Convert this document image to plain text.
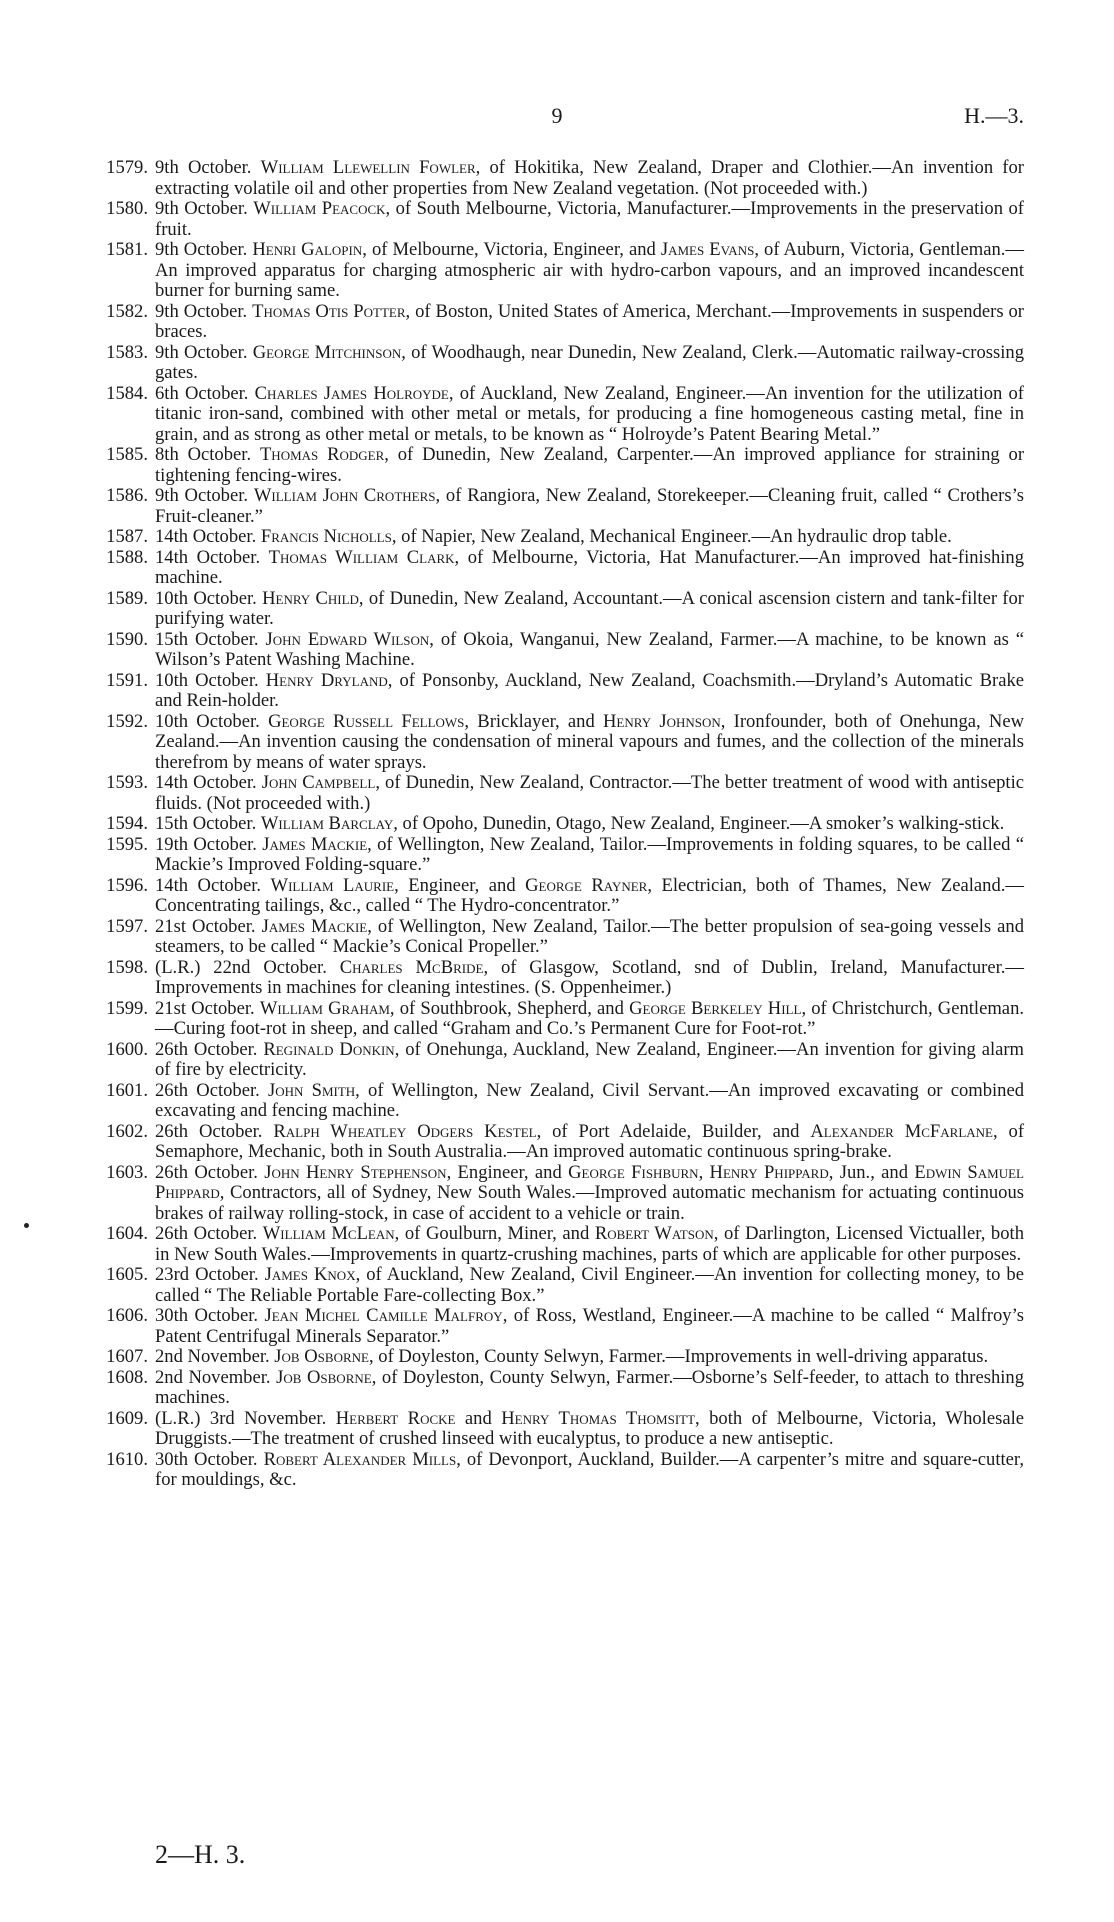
9	H.—3.
1579. 9th October. William Llewellin Fowler, of Hokitika, New Zealand, Draper and Clothier.—An invention for extracting volatile oil and other properties from New Zealand vegetation. (Not proceeded with.)
1580. 9th October. William Peacock, of South Melbourne, Victoria, Manufacturer.—Improvements in the preservation of fruit.
1581. 9th October. Henri Galopin, of Melbourne, Victoria, Engineer, and James Evans, of Auburn, Victoria, Gentleman.—An improved apparatus for charging atmospheric air with hydro-carbon vapours, and an improved incandescent burner for burning same.
1582. 9th October. Thomas Otis Potter, of Boston, United States of America, Merchant.—Improvements in suspenders or braces.
1583. 9th October. George Mitchinson, of Woodhaugh, near Dunedin, New Zealand, Clerk.—Automatic railway-crossing gates.
1584. 6th October. Charles James Holroyde, of Auckland, New Zealand, Engineer.—An invention for the utilization of titanic iron-sand, combined with other metal or metals, for producing a fine homogeneous casting metal, fine in grain, and as strong as other metal or metals, to be known as “ Holroyde’s Patent Bearing Metal.”
1585. 8th October. Thomas Rodger, of Dunedin, New Zealand, Carpenter.—An improved appliance for straining or tightening fencing-wires.
1586. 9th October. William John Crothers, of Rangiora, New Zealand, Storekeeper.—Cleaning fruit, called “ Crothers’s Fruit-cleaner.”
1587. 14th October. Francis Nicholls, of Napier, New Zealand, Mechanical Engineer.—An hydraulic drop table.
1588. 14th October. Thomas William Clark, of Melbourne, Victoria, Hat Manufacturer.—An improved hat-finishing machine.
1589. 10th October. Henry Child, of Dunedin, New Zealand, Accountant.—A conical ascension cistern and tank-filter for purifying water.
1590. 15th October. John Edward Wilson, of Okoia, Wanganui, New Zealand, Farmer.—A machine, to be known as “ Wilson’s Patent Washing Machine.
1591. 10th October. Henry Dryland, of Ponsonby, Auckland, New Zealand, Coachsmith.—Dryland’s Automatic Brake and Rein-holder.
1592. 10th October. George Russell Fellows, Bricklayer, and Henry Johnson, Ironfounder, both of Onehunga, New Zealand.—An invention causing the condensation of mineral vapours and fumes, and the collection of the minerals therefrom by means of water sprays.
1593. 14th October. John Campbell, of Dunedin, New Zealand, Contractor.—The better treatment of wood with antiseptic fluids. (Not proceeded with.)
1594. 15th October. William Barclay, of Opoho, Dunedin, Otago, New Zealand, Engineer.—A smoker’s walking-stick.
1595. 19th October. James Mackie, of Wellington, New Zealand, Tailor.—Improvements in folding squares, to be called “ Mackie’s Improved Folding-square.”
1596. 14th October. William Laurie, Engineer, and George Rayner, Electrician, both of Thames, New Zealand.—Concentrating tailings, &c., called “ The Hydro-concentrator.”
1597. 21st October. James Mackie, of Wellington, New Zealand, Tailor.—The better propulsion of sea-going vessels and steamers, to be called “ Mackie’s Conical Propeller.”
1598. (L.R.) 22nd October. Charles McBride, of Glasgow, Scotland, snd of Dublin, Ireland, Manufacturer.—Improvements in machines for cleaning intestines. (S. Oppenheimer.)
1599. 21st October. William Graham, of Southbrook, Shepherd, and George Berkeley Hill, of Christchurch, Gentleman.—Curing foot-rot in sheep, and called “Graham and Co.’s Permanent Cure for Foot-rot.”
1600. 26th October. Reginald Donkin, of Onehunga, Auckland, New Zealand, Engineer.—An invention for giving alarm of fire by electricity.
1601. 26th October. John Smith, of Wellington, New Zealand, Civil Servant.—An improved excavating or combined excavating and fencing machine.
1602. 26th October. Ralph Wheatley Odgers Kestel, of Port Adelaide, Builder, and Alexander McFarlane, of Semaphore, Mechanic, both in South Australia.—An improved automatic continuous spring-brake.
1603. 26th October. John Henry Stephenson, Engineer, and George Fishburn, Henry Phippard, Jun., and Edwin Samuel Phippard, Contractors, all of Sydney, New South Wales.—Improved automatic mechanism for actuating continuous brakes of railway rolling-stock, in case of accident to a vehicle or train.
1604. 26th October. William McLean, of Goulburn, Miner, and Robert Watson, of Darlington, Licensed Victualler, both in New South Wales.—Improvements in quartz-crushing machines, parts of which are applicable for other purposes.
1605. 23rd October. James Knox, of Auckland, New Zealand, Civil Engineer.—An invention for collecting money, to be called “ The Reliable Portable Fare-collecting Box.”
1606. 30th October. Jean Michel Camille Malfroy, of Ross, Westland, Engineer.—A machine to be called “ Malfroy’s Patent Centrifugal Minerals Separator.”
1607. 2nd November. Job Osborne, of Doyleston, County Selwyn, Farmer.—Improvements in well-driving apparatus.
1608. 2nd November. Job Osborne, of Doyleston, County Selwyn, Farmer.—Osborne’s Self-feeder, to attach to threshing machines.
1609. (L.R.) 3rd November. Herbert Rocke and Henry Thomas Thomsitt, both of Melbourne, Victoria, Wholesale Druggists.—The treatment of crushed linseed with eucalyptus, to produce a new antiseptic.
1610. 30th October. Robert Alexander Mills, of Devonport, Auckland, Builder.—A carpenter’s mitre and square-cutter, for mouldings, &c.
2—H. 3.
